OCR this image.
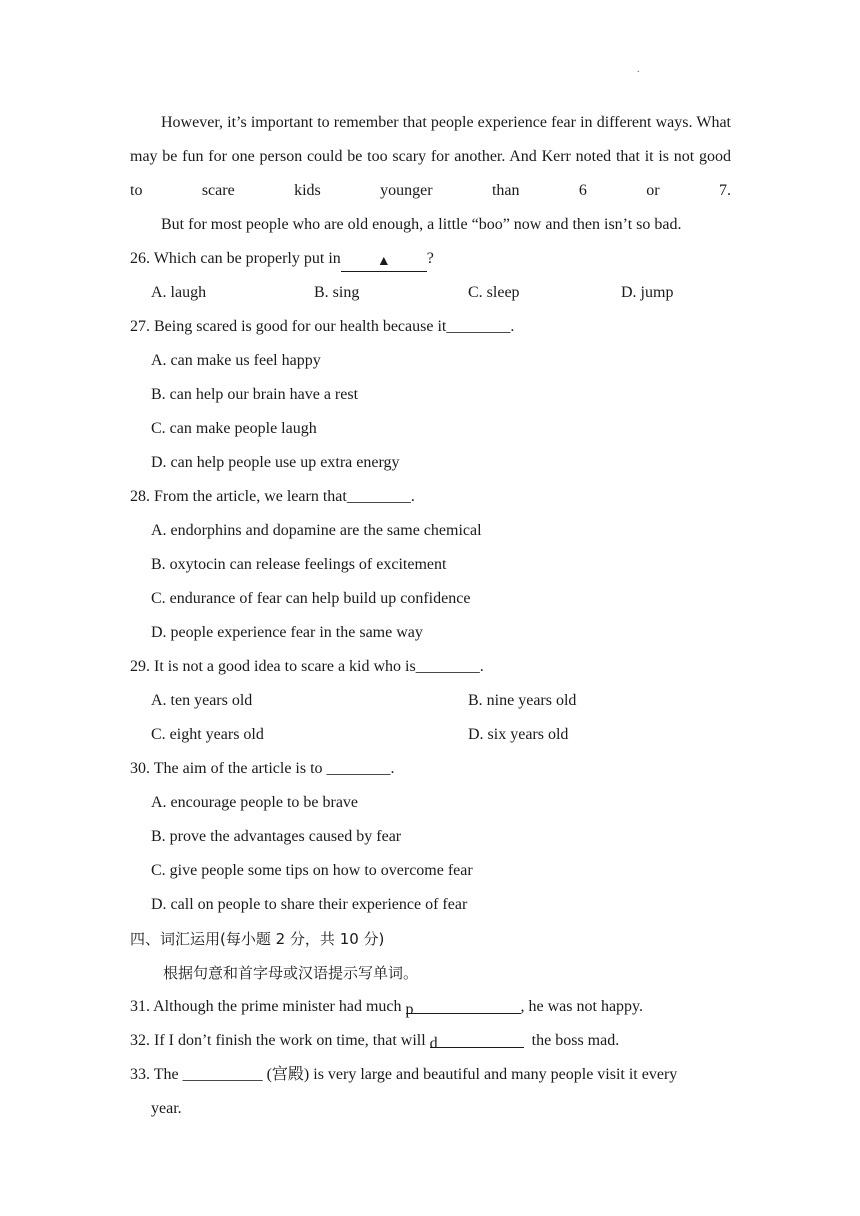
.
However, it’s important to remember that people experience fear in different ways. What may be fun for one person could be too scary for another. And Kerr noted that it is not good to scare kids younger than 6 or 7.
But for most people who are old enough, a little “boo” now and then isn’t so bad.
26. Which can be properly put in	▲ ?
A. laugh	B. sing	C. sleep	D. jump
27. Being scared is good for our health because it________.
A. can make us feel happy
B. can help our brain have a rest
C. can make people laugh
D. can help people use up extra energy
28. From the article, we learn that________.
A. endorphins and dopamine are the same chemical
B. oxytocin can release feelings of excitement
C. endurance of fear can help build up confidence
D. people experience fear in the same way
29. It is not a good idea to scare a kid who is________.
A. ten years old	B. nine years old
C. eight years old	D. six years old
30. The aim of the article is to ________.
A. encourage people to be brave
B. prove the advantages caused by fear
C. give people some tips on how to overcome fear
D. call on people to share their experience of fear
四、词汇运用(每小题 2 分，共 10 分)
根据句意和首字母或汉语提示写单词。
31. Although the prime minister had much p	, he was not happy.
32. If I don’t finish the work on time, that will d	the boss mad.
33. The __________ (宫殿) is very large and beautiful and many people visit it every
year.
